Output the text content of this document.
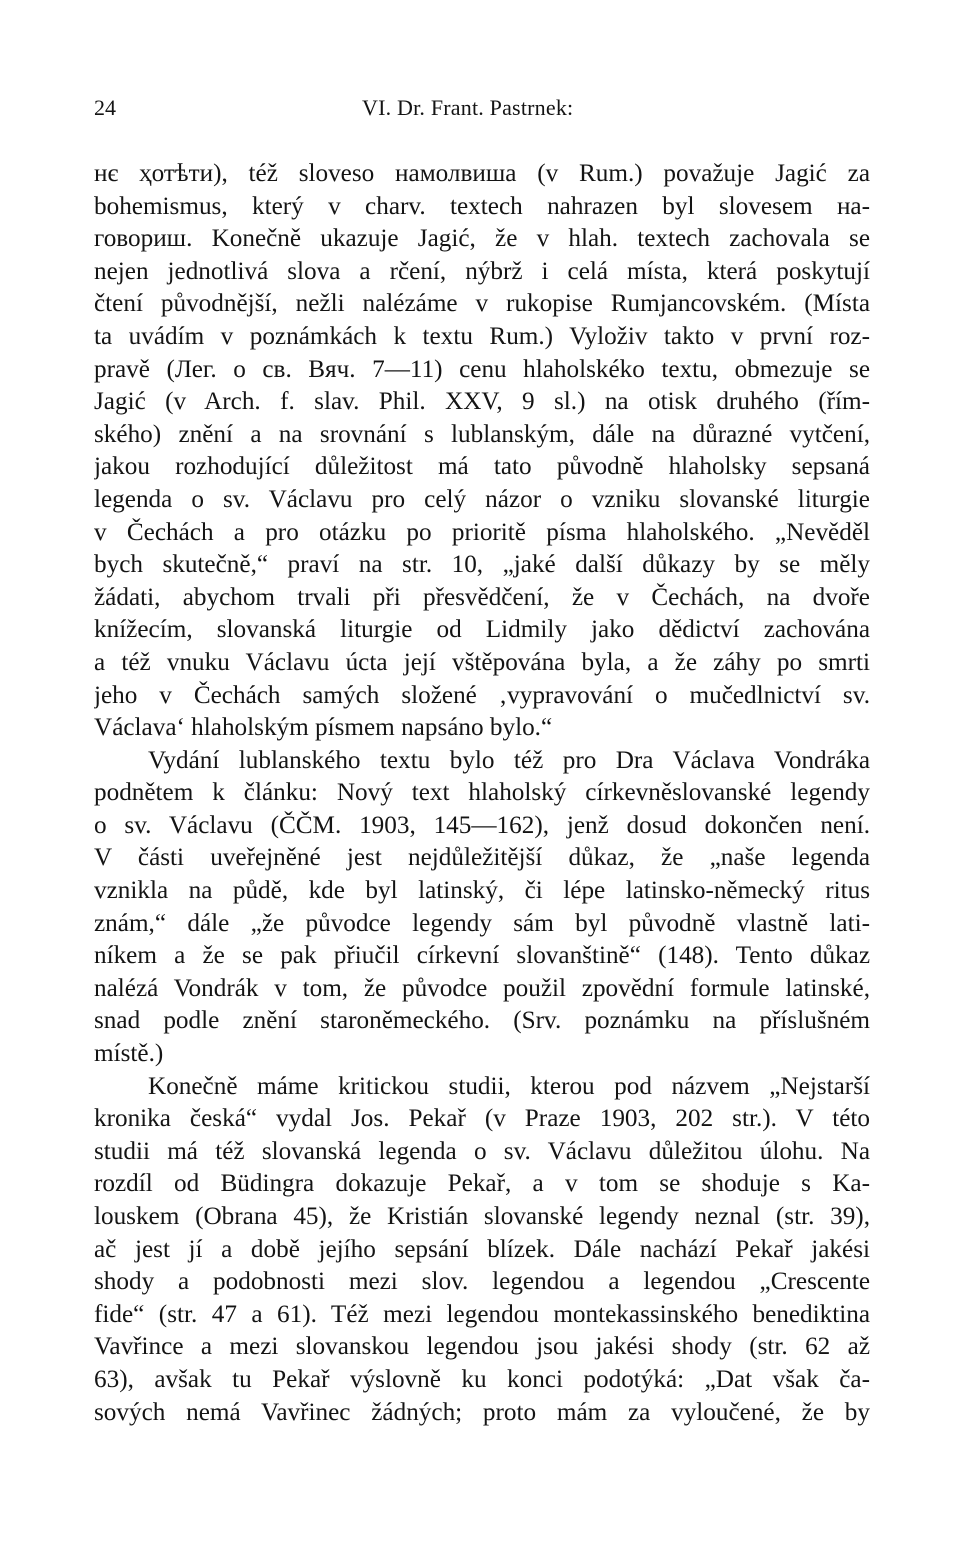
24	VI. Dr. Frant. Pastrnek:
нє ҳотѣти), též sloveso намолвиша (v Rum.) považuje Jagić za
bohemismus, který v charv. textech nahrazen byl slovesem на-
говориш. Konečně ukazuje Jagić, že v hlah. textech zachovala se
nejen jednotlivá slova a rčení, nýbrž i celá místa, která poskytují
čtení původnější, nežli nalézáme v rukopise Rumjancovském. (Místa
ta uvádím v poznámkách k textu Rum.) Vyloživ takto v první roz-
pravě (Лег. о св. Вяч. 7—11) cenu hlaholskéko textu, obmezuje se
Jagić (v Arch. f. slav. Phil. XXV, 9 sl.) na otisk druhého (řím-
ského) znění a na srovnání s lublanským, dále na důrazné vytčení,
jakou rozhodující důležitost má tato původně hlaholsky sepsaná
legenda o sv. Václavu pro celý názor o vzniku slovanské liturgie
v Čechách a pro otázku po prioritě písma hlaholského. „Nevěděl
bych skutečně,“ praví na str. 10, „jaké další důkazy by se měly
žádati, abychom trvali při přesvědčení, že v Čechách, na dvoře
knížecím, slovanská liturgie od Lidmily jako dědictví zachována
a též vnuku Václavu úcta její vštěpována byla, a že záhy po smrti
jeho v Čechách samých složené ‚vypravování o mučedlnictví sv.
Václava‘ hlaholským písmem napsáno bylo.“
Vydání lublanského textu bylo též pro Dra Václava Vondráka
podnětem k článku: Nový text hlaholský církevněslovanské legendy
o sv. Václavu (ČČM. 1903, 145—162), jenž dosud dokončen není.
V části uveřejněné jest nejdůležitější důkaz, že „naše legenda
vznikla na půdě, kde byl latinský, či lépe latinsko-německý ritus
znám,“ dále „že původce legendy sám byl původně vlastně lati-
níkem a že se pak přiučil církevní slovanštině“ (148). Tento důkaz
nalézá Vondrák v tom, že původce použil zpovědní formule latinské,
snad podle znění staroněmeckého. (Srv. poznámku na příslušném
místě.)
Konečně máme kritickou studii, kterou pod názvem „Nejstarší
kronika česká“ vydal Jos. Pekař (v Praze 1903, 202 str.). V této
studii má též slovanská legenda o sv. Václavu důležitou úlohu. Na
rozdíl od Büdingra dokazuje Pekař, a v tom se shoduje s Ka-
louskem (Obrana 45), že Kristián slovanské legendy neznal (str. 39),
ač jest jí a době jejího sepsání blízek. Dále nachází Pekař jakési
shody a podobnosti mezi slov. legendou a legendou „Crescente
fide“ (str. 47 a 61). Též mezi legendou montekassinského benediktina
Vavřince a mezi slovanskou legendou jsou jakési shody (str. 62 až
63), avšak tu Pekař výslovně ku konci podotýká: „Dat však ča-
sových nemá Vavřinec žádných; proto mám za vyloučené, že by
